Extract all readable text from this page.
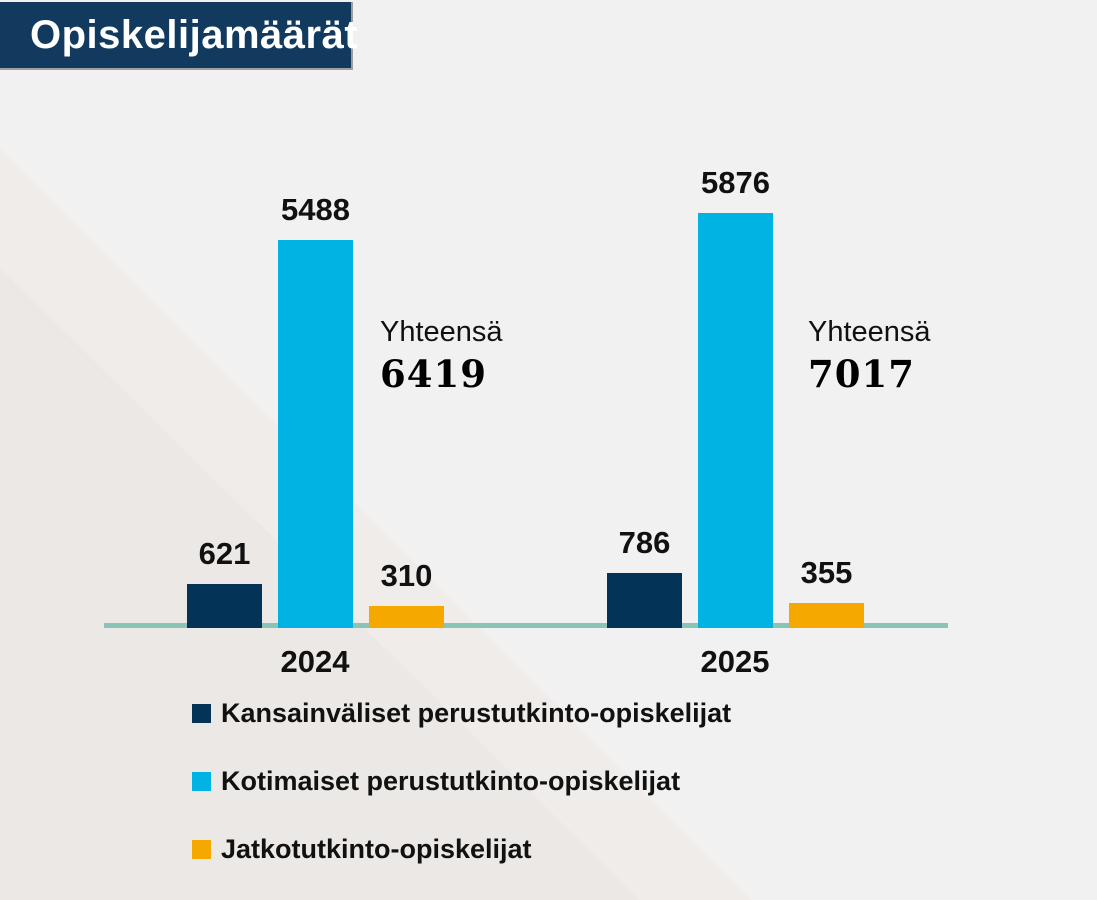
Opiskelijamäärät
621
5488
310
2024
Yhteensä
6419
786
5876
355
2025
Yhteensä
7017
Kansainväliset perustutkinto-opiskelijat
Kotimaiset perustutkinto-opiskelijat
Jatkotutkinto-opiskelijat
